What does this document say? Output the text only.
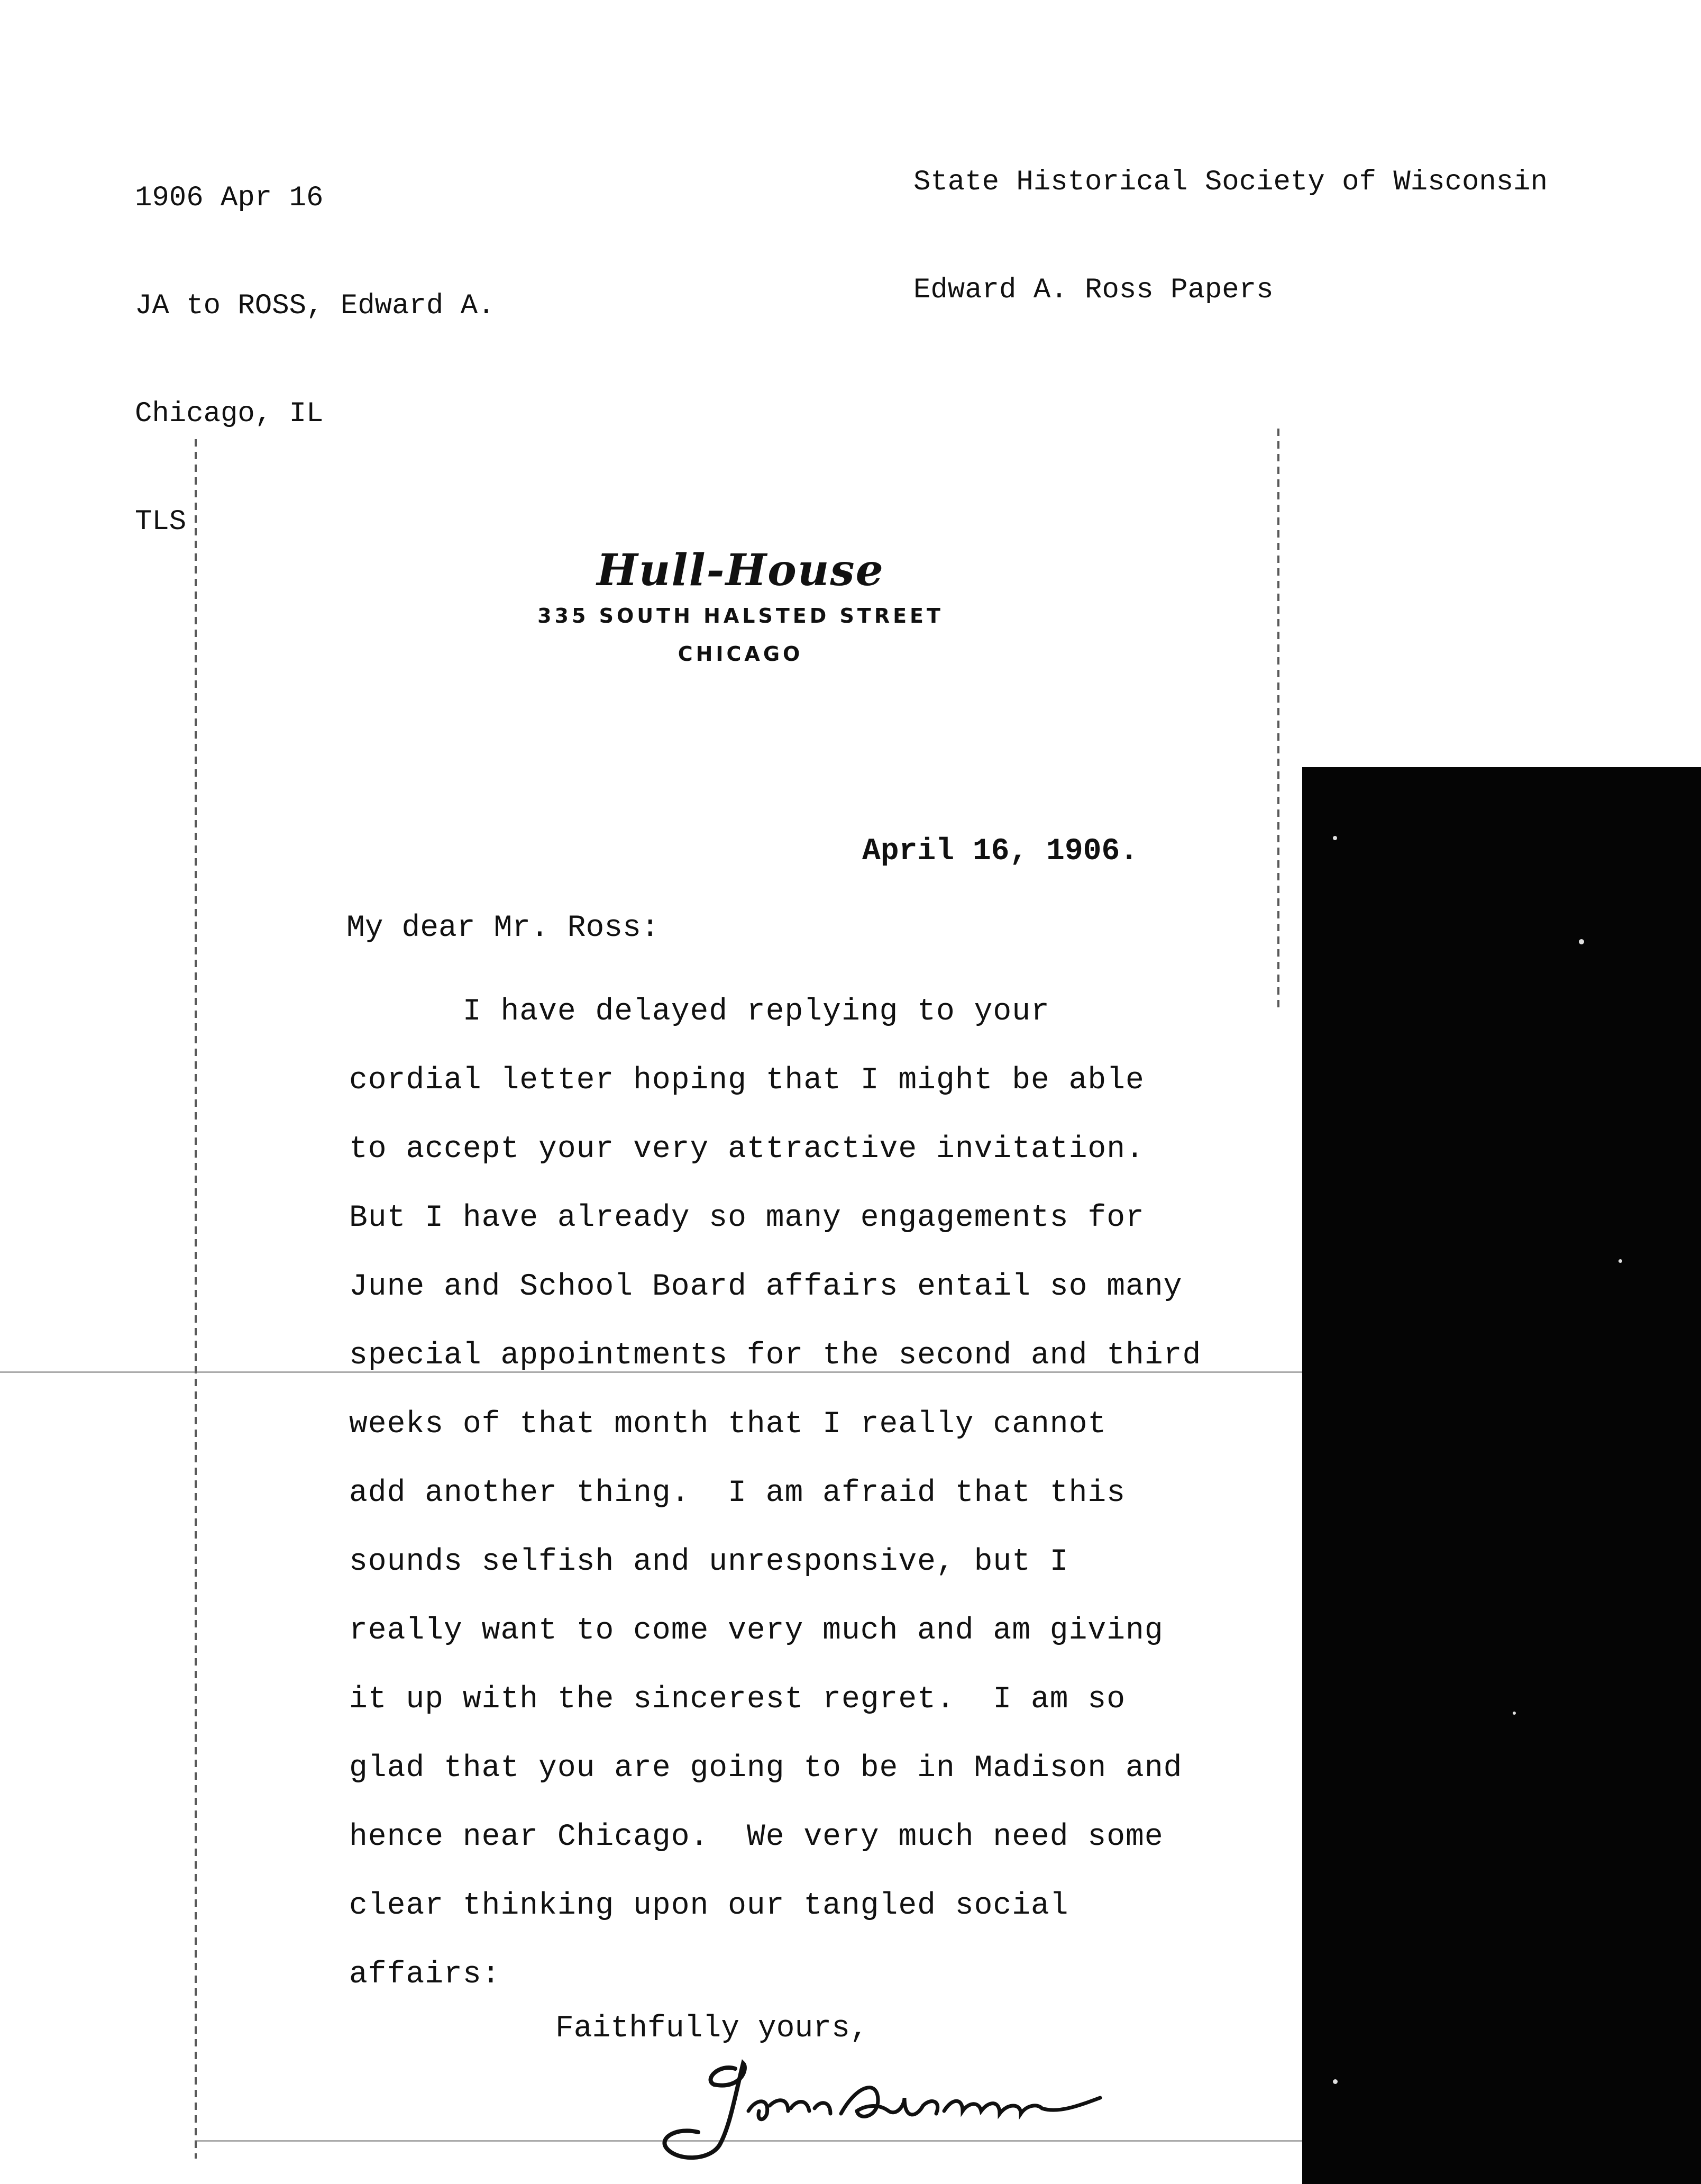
1906 Apr 16

JA to ROSS, Edward A.

Chicago, IL

TLS

State Historical Society of Wisconsin

Edward A. Ross Papers

Hull-House
335 SOUTH HALSTED STREET
CHICAGO
April 16, 1906.
My dear Mr. Ross:
I have delayed replying to your
cordial letter hoping that I might be able
to accept your very attractive invitation.
But I have already so many engagements for
June and School Board affairs entail so many
special appointments for the second and third
weeks of that month that I really cannot
add another thing.  I am afraid that this
sounds selfish and unresponsive, but I
really want to come very much and am giving
it up with the sincerest regret.  I am so
glad that you are going to be in Madison and
hence near Chicago.  We very much need some
clear thinking upon our tangled social
affairs:
Faithfully yours,
